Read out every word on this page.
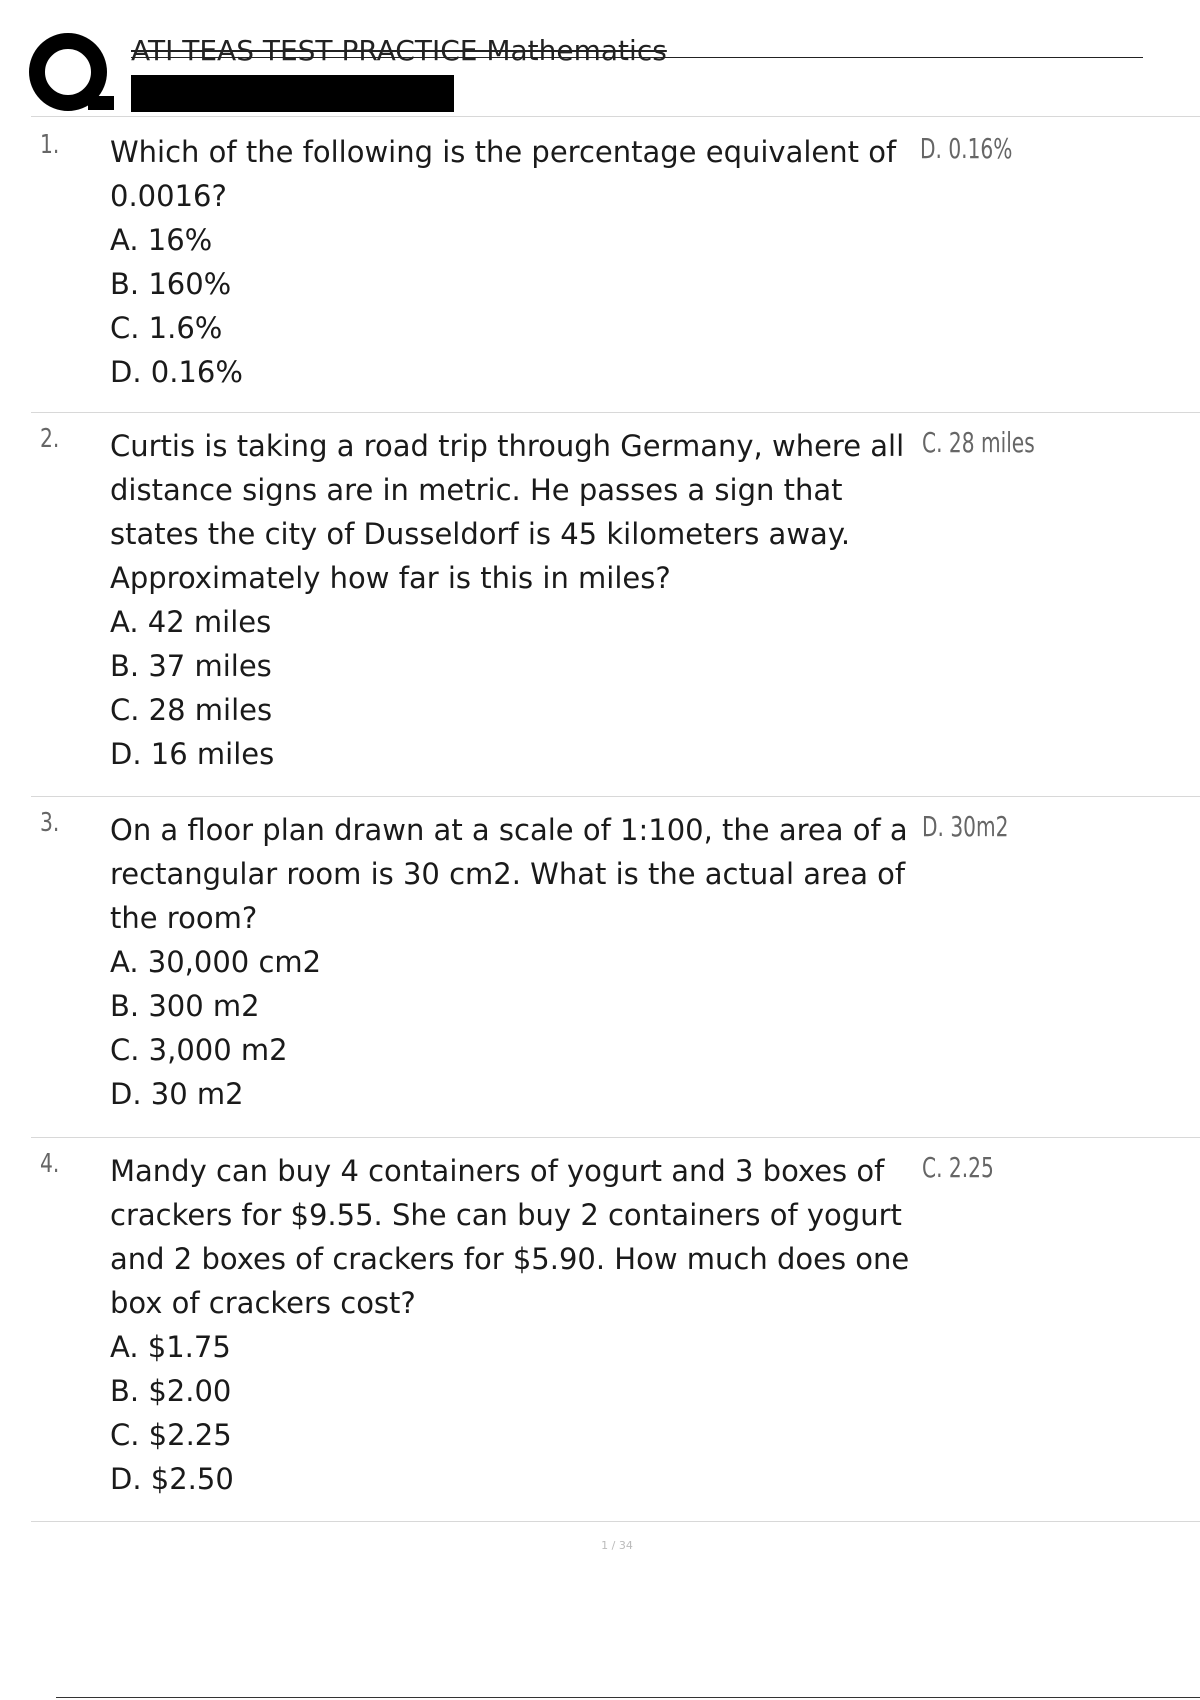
ATI TEAS TEST PRACTICE Mathematics
1. Which of the following is the percentage equivalent of 0.0016?

A. 16%
B. 160%
C. 1.6%
D. 0.16%
D. 0.16%
2. Curtis is taking a road trip through Germany, where all distance signs are in metric. He passes a sign that states the city of Dusseldorf is 45 kilometers away. Approximately how far is this in miles?

A. 42 miles
B. 37 miles
C. 28 miles
D. 16 miles
C. 28 miles
3. On a floor plan drawn at a scale of 1:100, the area of a rectangular room is 30 cm2. What is the actual area of the room?

A. 30,000 cm2
B. 300 m2
C. 3,000 m2
D. 30 m2
D. 30m2
4. Mandy can buy 4 containers of yogurt and 3 boxes of crackers for $9.55. She can buy 2 containers of yogurt and 2 boxes of crackers for $5.90. How much does one box of crackers cost?

A. $1.75
B. $2.00
C. $2.25
D. $2.50
C. 2.25
1 / 34
